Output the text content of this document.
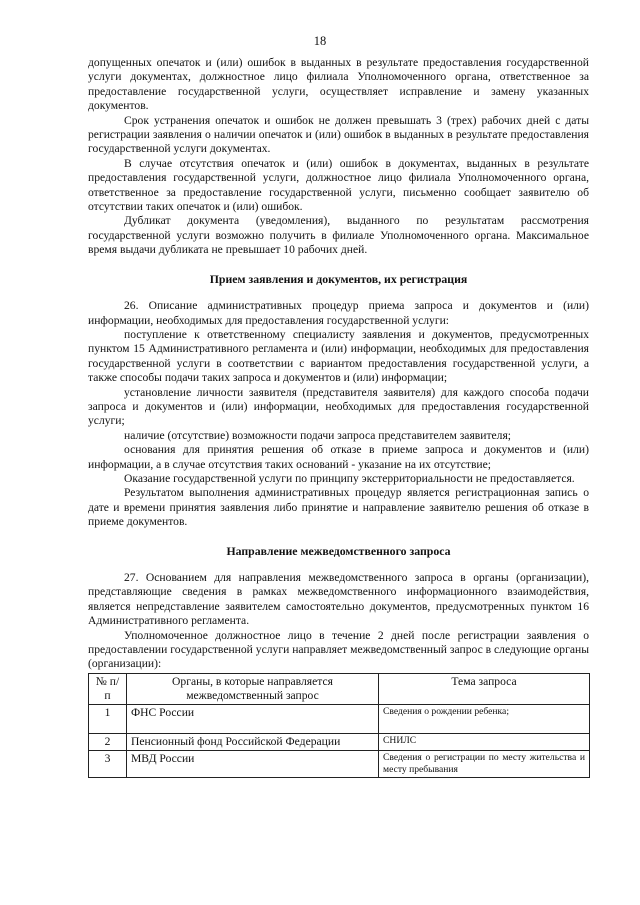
18

допущенных опечаток и (или) ошибок в выданных в результате предоставления государственной услуги документах, должностное лицо филиала Уполномоченного органа, ответственное за предоставление государственной услуги, осуществляет исправление и замену указанных документов.

Срок устранения опечаток и ошибок не должен превышать 3 (трех) рабочих дней с даты регистрации заявления о наличии опечаток и (или) ошибок в выданных в результате предоставления государственной услуги документах.

В случае отсутствия опечаток и (или) ошибок в документах, выданных в результате предоставления государственной услуги, должностное лицо филиала Уполномоченного органа, ответственное за предоставление государственной услуги, письменно сообщает заявителю об отсутствии таких опечаток и (или) ошибок.

Дубликат документа (уведомления), выданного по результатам рассмотрения государственной услуги возможно получить в филиале Уполномоченного органа. Максимальное время выдачи дубликата не превышает 10 рабочих дней.

Прием заявления и документов, их регистрация

26. Описание административных процедур приема запроса и документов и (или) информации, необходимых для предоставления государственной услуги:

поступление к ответственному специалисту заявления и документов, предусмотренных пунктом 15 Административного регламента и (или) информации, необходимых для предоставления государственной услуги в соответствии с вариантом предоставления государственной услуги, а также способы подачи таких запроса и документов и (или) информации;

установление личности заявителя (представителя заявителя) для каждого способа подачи запроса и документов и (или) информации, необходимых для предоставления государственной услуги;

наличие (отсутствие) возможности подачи запроса представителем заявителя;

основания для принятия решения об отказе в приеме запроса и документов и (или) информации, а в случае отсутствия таких оснований - указание на их отсутствие;

Оказание государственной услуги по принципу экстерриториальности не предоставляется.

Результатом выполнения административных процедур является регистрационная запись о дате и времени принятия заявления либо принятие и направление заявителю решения об отказе в приеме документов.

Направление межведомственного запроса

27. Основанием для направления межведомственного запроса в органы (организации), представляющие сведения в рамках межведомственного информационного взаимодействия, является непредставление заявителем самостоятельно документов, предусмотренных пунктом 16 Административного регламента.

Уполномоченное должностное лицо в течение 2 дней после регистрации заявления о предоставлении государственной услуги направляет межведомственный запрос в следующие органы (организации):

№ п/п	Органы, в которые направляется межведомственный запрос	Тема запроса
1	ФНС России	Сведения о рождении ребенка;
2	Пенсионный фонд Российской Федерации	СНИЛС
3	МВД России	Сведения о регистрации по месту жительства и месту пребывания
